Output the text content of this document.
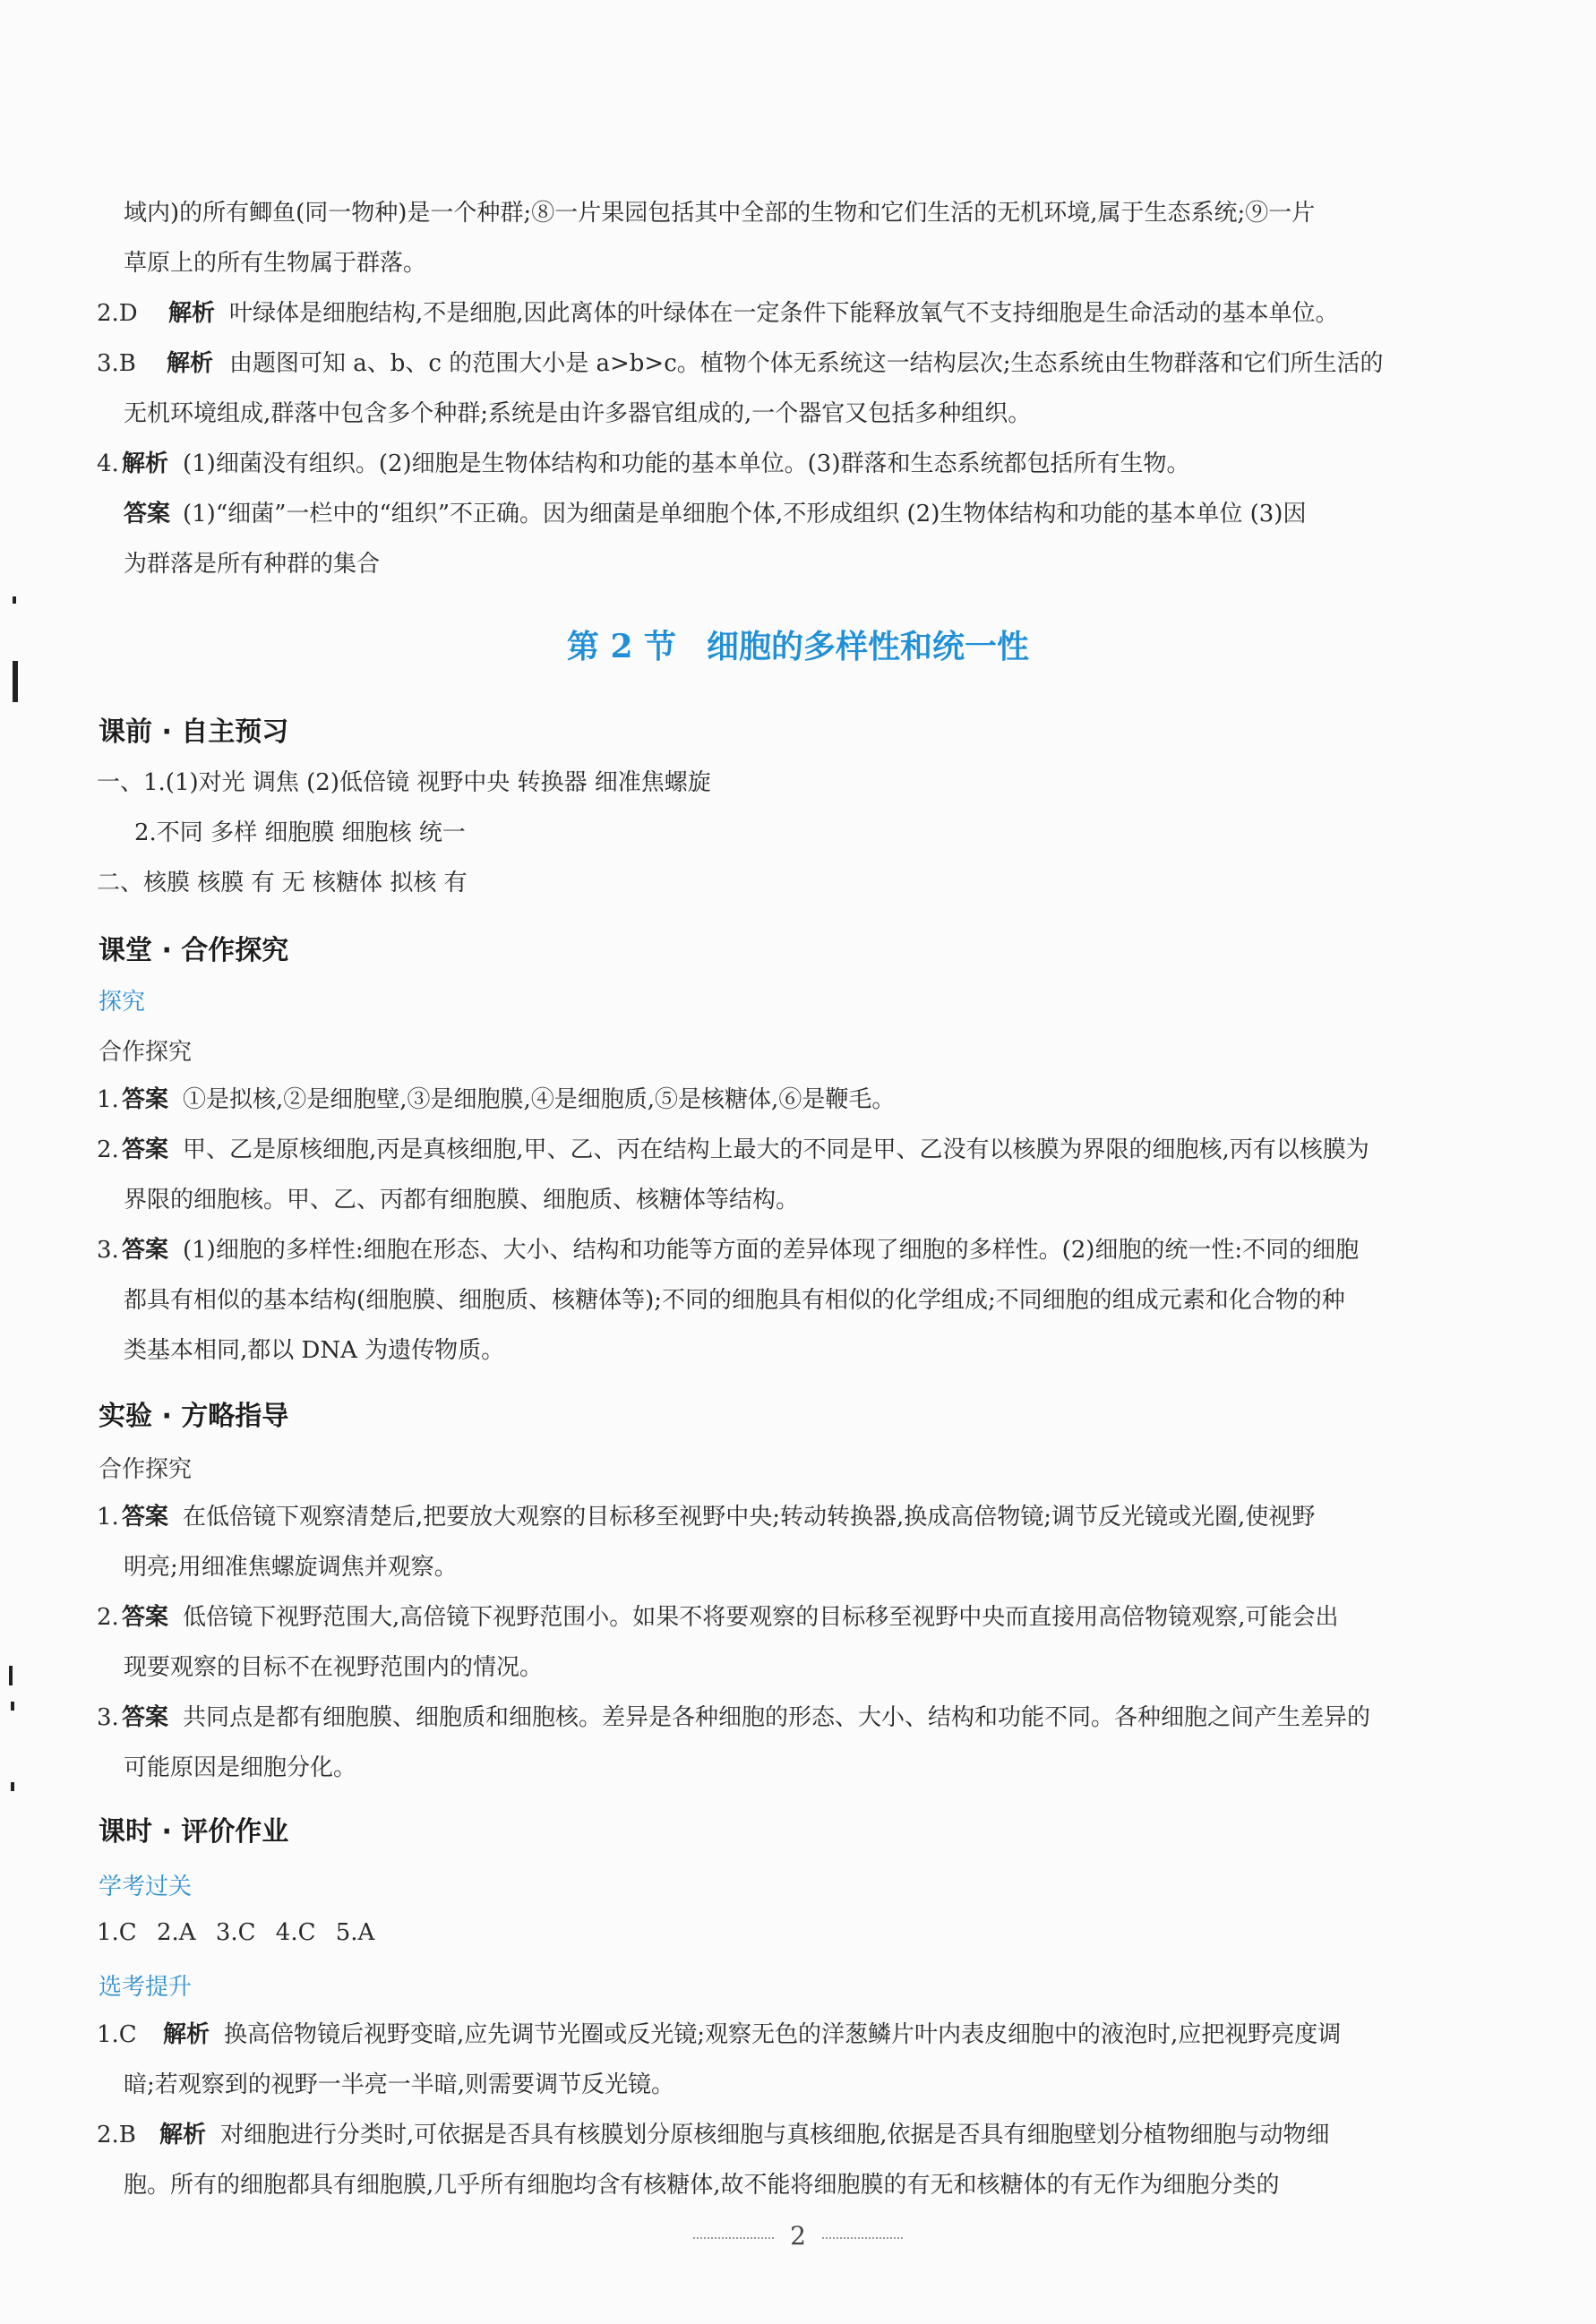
域内)的所有鲫鱼(同一物种)是一个种群;⑧一片果园包括其中全部的生物和它们生活的无机环境,属于生态系统;⑨一片
草原上的所有生物属于群落。
2.D 解析 叶绿体是细胞结构,不是细胞,因此离体的叶绿体在一定条件下能释放氧气不支持细胞是生命活动的基本单位。
3.B 解析 由题图可知 a、b、c 的范围大小是 a>b>c。植物个体无系统这一结构层次;生态系统由生物群落和它们所生活的
无机环境组成,群落中包含多个种群;系统是由许多器官组成的,一个器官又包括多种组织。
4. 解析 (1)细菌没有组织。(2)细胞是生物体结构和功能的基本单位。(3)群落和生态系统都包括所有生物。
答案 (1)“细菌”一栏中的“组织”不正确。因为细菌是单细胞个体,不形成组织 (2)生物体结构和功能的基本单位 (3)因
为群落是所有种群的集合
第 2 节 细胞的多样性和统一性
课前 · 自主预习
一、1.(1)对光 调焦 (2)低倍镜 视野中央 转换器 细准焦螺旋
2.不同 多样 细胞膜 细胞核 统一
二、核膜 核膜 有 无 核糖体 拟核 有
课堂 · 合作探究
探究
合作探究
1. 答案 ①是拟核,②是细胞壁,③是细胞膜,④是细胞质,⑤是核糖体,⑥是鞭毛。
2. 答案 甲、乙是原核细胞,丙是真核细胞,甲、乙、丙在结构上最大的不同是甲、乙没有以核膜为界限的细胞核,丙有以核膜为
界限的细胞核。甲、乙、丙都有细胞膜、细胞质、核糖体等结构。
3. 答案 (1)细胞的多样性:细胞在形态、大小、结构和功能等方面的差异体现了细胞的多样性。(2)细胞的统一性:不同的细胞
都具有相似的基本结构(细胞膜、细胞质、核糖体等);不同的细胞具有相似的化学组成;不同细胞的组成元素和化合物的种
类基本相同,都以 DNA 为遗传物质。
实验 · 方略指导
合作探究
1. 答案 在低倍镜下观察清楚后,把要放大观察的目标移至视野中央;转动转换器,换成高倍物镜;调节反光镜或光圈,使视野
明亮;用细准焦螺旋调焦并观察。
2. 答案 低倍镜下视野范围大,高倍镜下视野范围小。如果不将要观察的目标移至视野中央而直接用高倍物镜观察,可能会出
现要观察的目标不在视野范围内的情况。
3. 答案 共同点是都有细胞膜、细胞质和细胞核。差异是各种细胞的形态、大小、结构和功能不同。各种细胞之间产生差异的
可能原因是细胞分化。
课时 · 评价作业
学考过关
1.C 2.A 3.C 4.C 5.A
选考提升
1.C 解析 换高倍物镜后视野变暗,应先调节光圈或反光镜;观察无色的洋葱鳞片叶内表皮细胞中的液泡时,应把视野亮度调
暗;若观察到的视野一半亮一半暗,则需要调节反光镜。
2.B 解析 对细胞进行分类时,可依据是否具有核膜划分原核细胞与真核细胞,依据是否具有细胞壁划分植物细胞与动物细
胞。所有的细胞都具有细胞膜,几乎所有细胞均含有核糖体,故不能将细胞膜的有无和核糖体的有无作为细胞分类的
2
